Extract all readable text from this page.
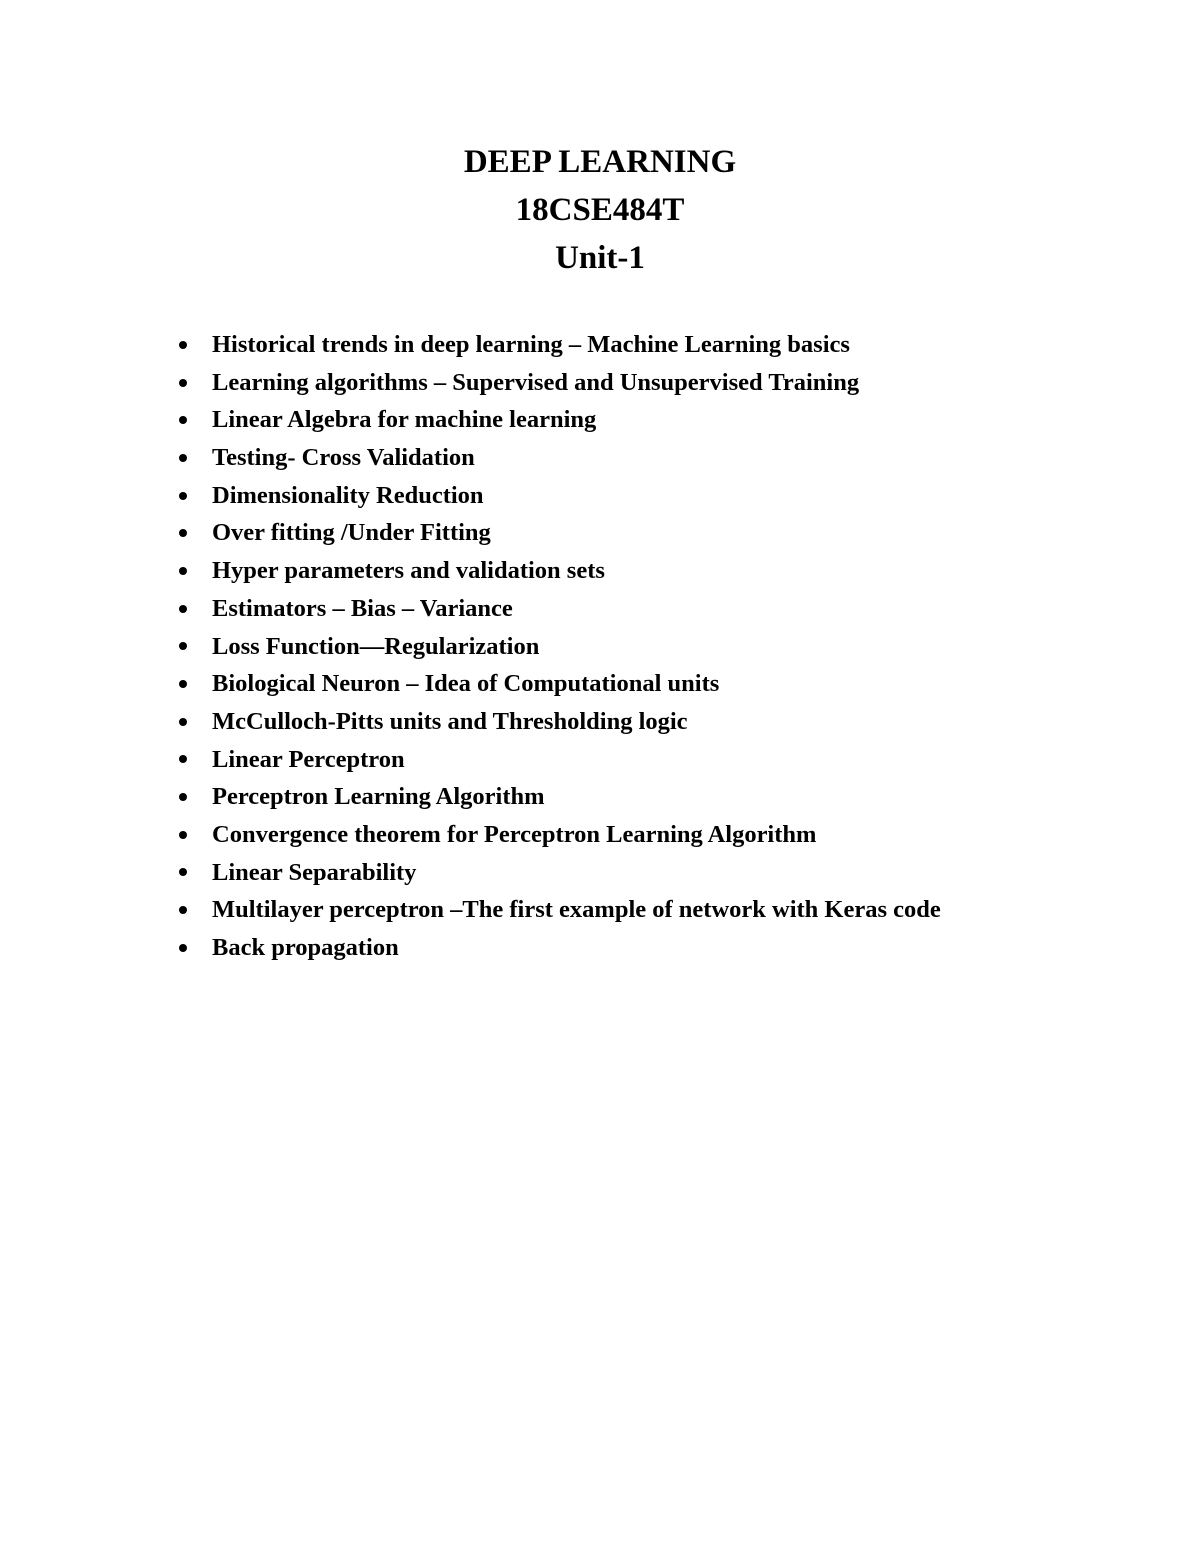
DEEP LEARNING

18CSE484T

Unit-1

Historical trends in deep learning – Machine Learning basics
Learning algorithms – Supervised and Unsupervised Training
Linear Algebra for machine learning
Testing- Cross Validation
Dimensionality Reduction
Over fitting /Under Fitting
Hyper parameters and validation sets
Estimators – Bias – Variance
Loss Function—Regularization
Biological Neuron – Idea of Computational units
McCulloch-Pitts units and Thresholding logic
Linear Perceptron
Perceptron Learning Algorithm
Convergence theorem for Perceptron Learning Algorithm
Linear Separability
Multilayer perceptron –The first example of network with Keras code
Back propagation
